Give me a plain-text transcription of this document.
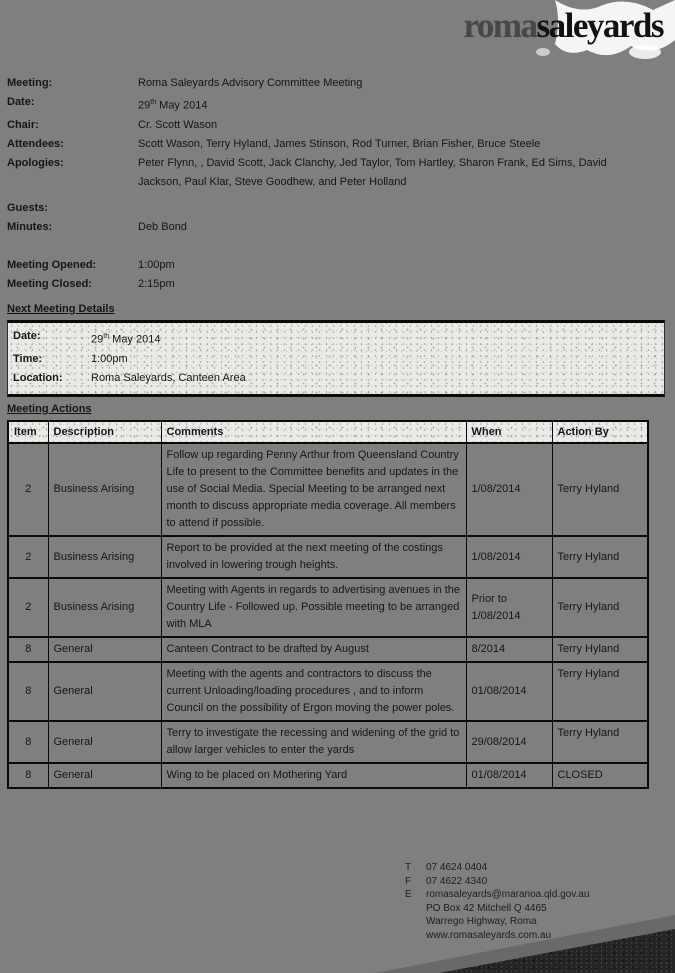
romasaleyards
Meeting:	Roma Saleyards Advisory Committee Meeting
Date:	29th May 2014
Chair:	Cr. Scott Wason
Attendees:	Scott Wason, Terry Hyland, James Stinson, Rod Turner, Brian Fisher, Bruce Steele
Apologies:	Peter Flynn, , David Scott, Jack Clanchy, Jed Taylor, Tom Hartley, Sharon Frank, Ed Sims, David Jackson, Paul Klar, Steve Goodhew, and Peter Holland
Guests:
Minutes:	Deb Bond
Meeting Opened:	1:00pm
Meeting Closed:	2:15pm
Next Meeting Details
Date:	29th May 2014
Time:	1:00pm
Location:	Roma Saleyards, Canteen Area
Meeting Actions
Item	Description	Comments	When	Action By
2	Business Arising	Follow up regarding Penny Arthur from Queensland Country Life to present to the Committee benefits and updates in the use of Social Media. Special Meeting to be arranged next month to discuss appropriate media coverage. All members to attend if possible.	1/08/2014	Terry Hyland
2	Business Arising	Report to be provided at the next meeting of the costings involved in lowering trough heights.	1/08/2014	Terry Hyland
2	Business Arising	Meeting with Agents in regards to advertising avenues in the Country Life - Followed up. Possible meeting to be arranged with MLA	Prior to 1/08/2014	Terry Hyland
8	General	Canteen Contract to be drafted by August	8/2014	Terry Hyland
8	General	Meeting with the agents and contractors to discuss the current Unloading/loading procedures , and to inform Council on the possibility of Ergon moving the power poles.	01/08/2014	Terry Hyland
8	General	Terry to investigate the recessing and widening of the grid to allow larger vehicles to enter the yards	29/08/2014	Terry Hyland
8	General	Wing to be placed on Mothering Yard	01/08/2014	CLOSED
T	07 4624 0404
F	07 4622 4340
E	romasaleyards@maranoa.qld.gov.au
PO Box 42 Mitchell Q 4465
Warrego Highway, Roma
www.romasaleyards.com.au
